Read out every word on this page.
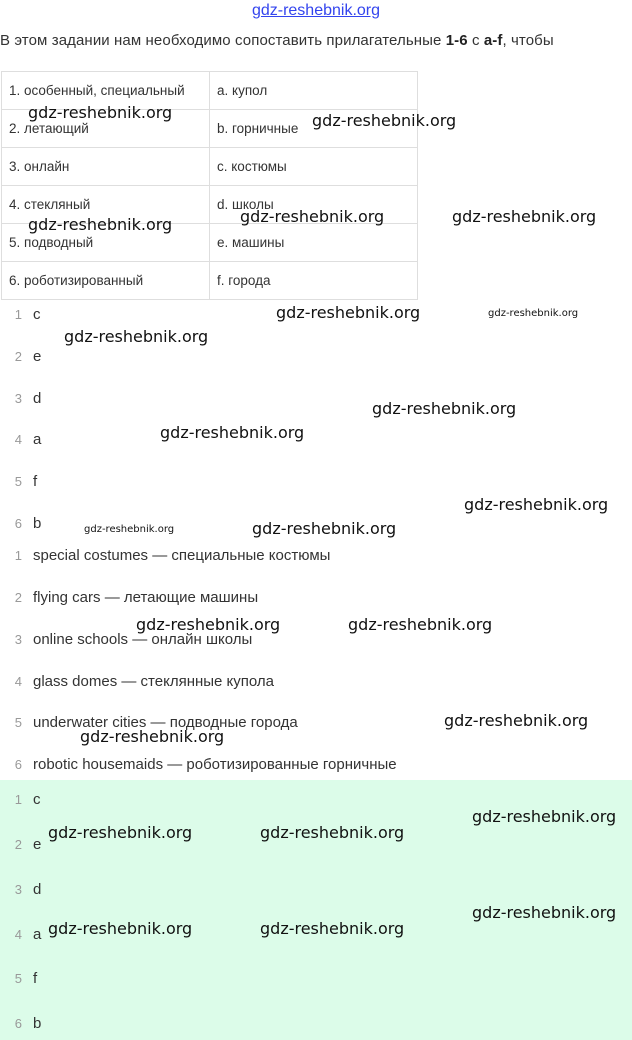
gdz-reshebnik.org
В этом задании нам необходимо сопоставить прилагательные 1-6 с a-f, чтобы
1. особенный, специальный	a. купол
2. летающий	b. горничные
3. онлайн	c. костюмы
4. стекляный	d. школы
5. подводный	e. машины
6. роботизированный	f. города
1 c
2 e
3 d
4 a
5 f
6 b
1 special costumes — специальные костюмы
2 flying cars — летающие машины
3 online schools — онлайн школы
4 glass domes — стеклянные купола
5 underwater cities — подводные города
6 robotic housemaids — роботизированные горничные
1 c
2 e
3 d
4 a
5 f
6 b
gdz-reshebnik.org	gdz-reshebnik.org
gdz-reshebnik.org	gdz-reshebnik.org	gdz-reshebnik.org
gdz-reshebnik.org	gdz-reshebnik.org
gdz-reshebnik.org
gdz-reshebnik.org
gdz-reshebnik.org
gdz-reshebnik.org
gdz-reshebnik.org	gdz-reshebnik.org
gdz-reshebnik.org	gdz-reshebnik.org
gdz-reshebnik.org
gdz-reshebnik.org
gdz-reshebnik.org
gdz-reshebnik.org	gdz-reshebnik.org
gdz-reshebnik.org
gdz-reshebnik.org	gdz-reshebnik.org
